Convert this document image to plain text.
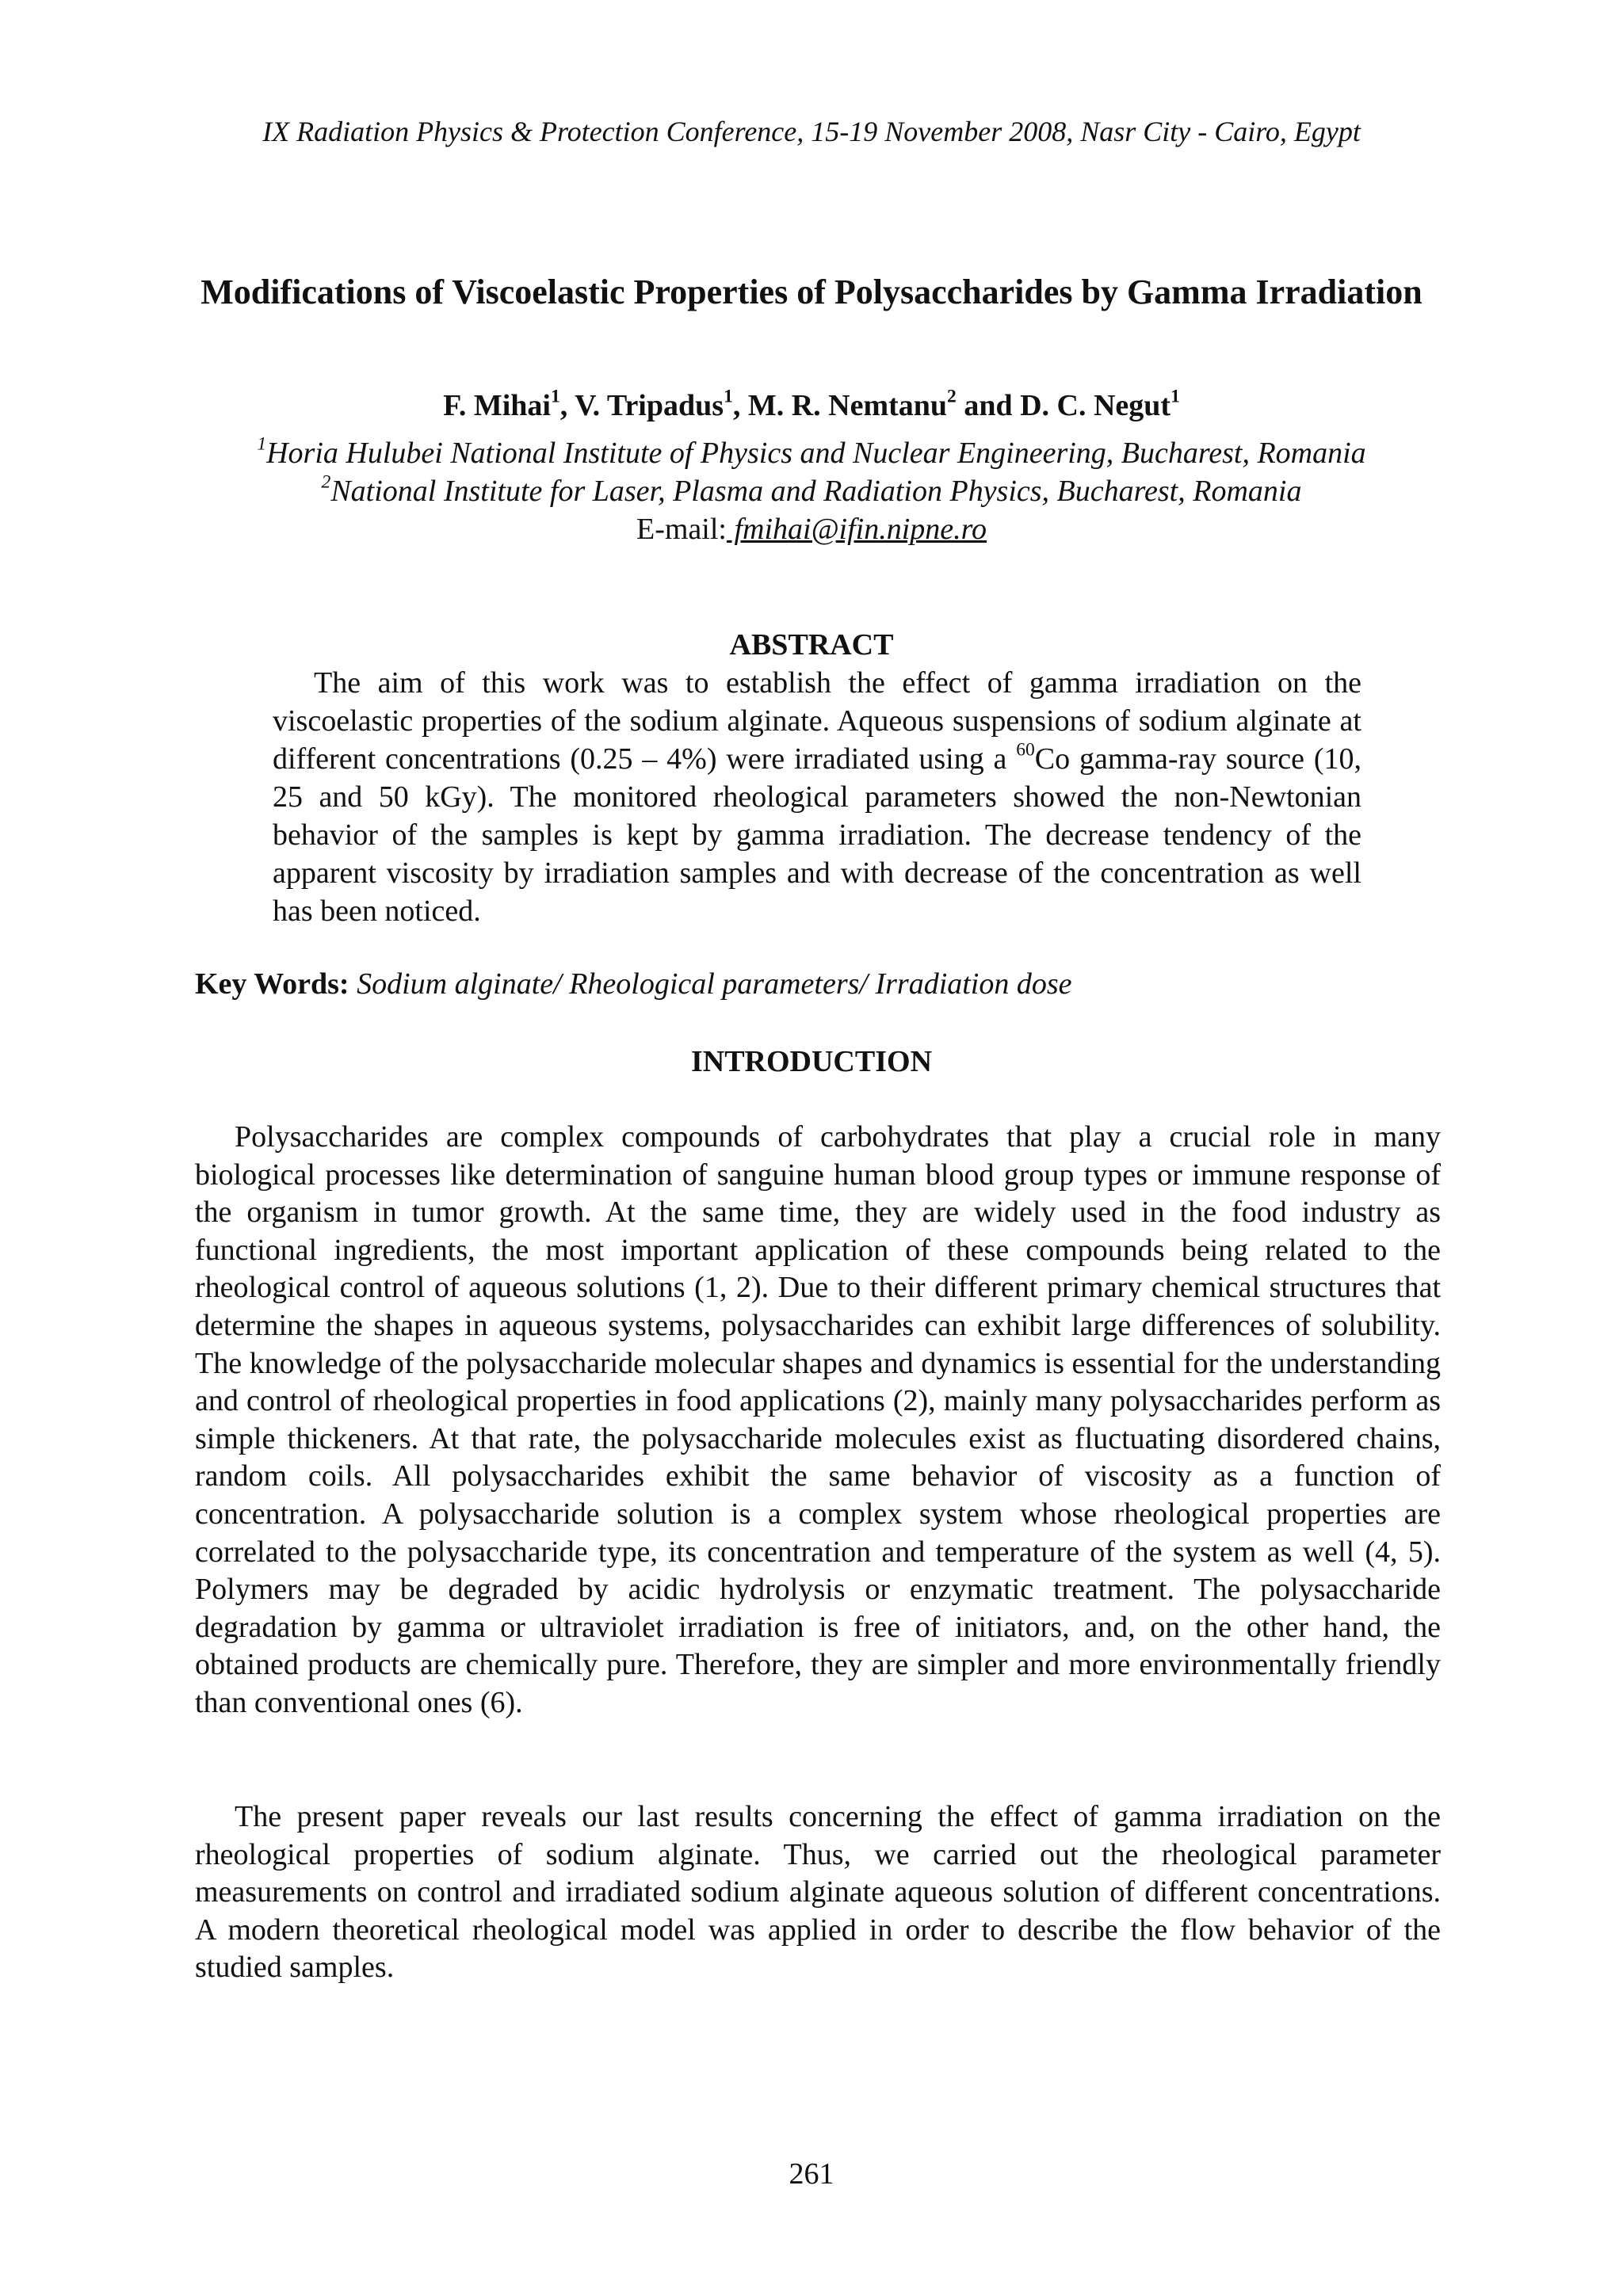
IX Radiation Physics & Protection Conference, 15-19 November 2008, Nasr City - Cairo, Egypt
Modifications of Viscoelastic Properties of Polysaccharides by Gamma Irradiation
F. Mihai$^1$, V. Tripadus$^1$, M. R. Nemtanu$^2$ and D. C. Negut$^1$
$^1$Horia Hulubei National Institute of Physics and Nuclear Engineering, Bucharest, Romania
$^2$National Institute for Laser, Plasma and Radiation Physics, Bucharest, Romania
E-mail: fmihai@ifin.nipne.ro
ABSTRACT
The aim of this work was to establish the effect of gamma irradiation on the viscoelastic properties of the sodium alginate. Aqueous suspensions of sodium alginate at different concentrations (0.25 – 4%) were irradiated using a $^{60}$Co gamma-ray source (10, 25 and 50 kGy). The monitored rheological parameters showed the non-Newtonian behavior of the samples is kept by gamma irradiation. The decrease tendency of the apparent viscosity by irradiation samples and with decrease of the concentration as well has been noticed.
Key Words: Sodium alginate/ Rheological parameters/ Irradiation dose
INTRODUCTION
Polysaccharides are complex compounds of carbohydrates that play a crucial role in many biological processes like determination of sanguine human blood group types or immune response of the organism in tumor growth. At the same time, they are widely used in the food industry as functional ingredients, the most important application of these compounds being related to the rheological control of aqueous solutions (1, 2). Due to their different primary chemical structures that determine the shapes in aqueous systems, polysaccharides can exhibit large differences of solubility. The knowledge of the polysaccharide molecular shapes and dynamics is essential for the understanding and control of rheological properties in food applications (2), mainly many polysaccharides perform as simple thickeners. At that rate, the polysaccharide molecules exist as fluctuating disordered chains, random coils. All polysaccharides exhibit the same behavior of viscosity as a function of concentration. A polysaccharide solution is a complex system whose rheological properties are correlated to the polysaccharide type, its concentration and temperature of the system as well (4, 5). Polymers may be degraded by acidic hydrolysis or enzymatic treatment. The polysaccharide degradation by gamma or ultraviolet irradiation is free of initiators, and, on the other hand, the obtained products are chemically pure. Therefore, they are simpler and more environmentally friendly than conventional ones (6).
The present paper reveals our last results concerning the effect of gamma irradiation on the rheological properties of sodium alginate. Thus, we carried out the rheological parameter measurements on control and irradiated sodium alginate aqueous solution of different concentrations. A modern theoretical rheological model was applied in order to describe the flow behavior of the studied samples.
261
